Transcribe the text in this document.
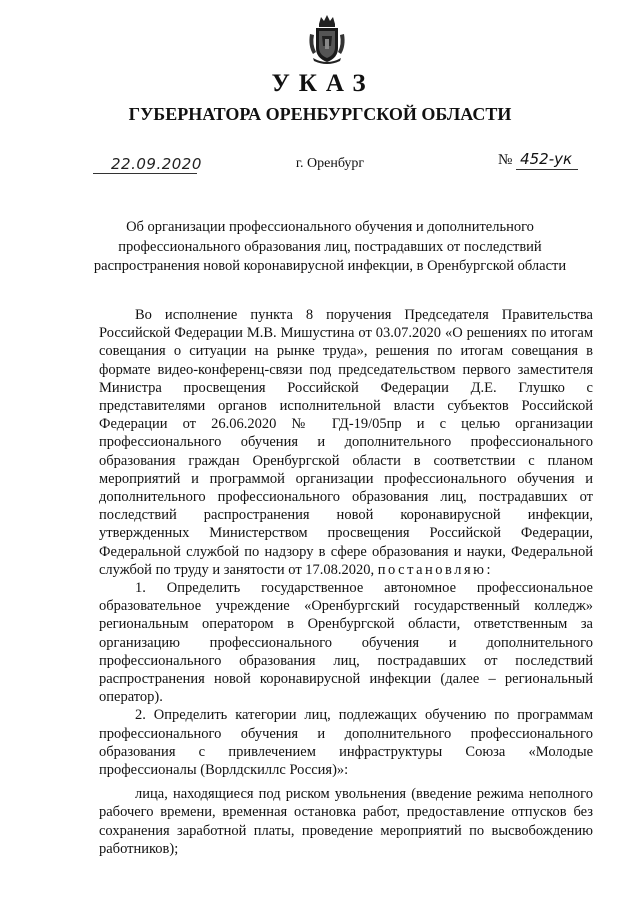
УКАЗ
ГУБЕРНАТОРА ОРЕНБУРГСКОЙ ОБЛАСТИ
22.09.2020	г. Оренбург	№ 452-ук
Об организации профессионального обучения и дополнительного профессионального образования лиц, пострадавших от последствий распространения новой коронавирусной инфекции, в Оренбургской области

Во исполнение пункта 8 поручения Председателя Правительства Российской Федерации М.В. Мишустина от 03.07.2020 «О решениях по итогам совещания о ситуации на рынке труда», решения по итогам совещания в формате видео-конференц-связи под председательством первого заместителя Министра просвещения Российской Федерации Д.Е. Глушко с представителями органов исполнительной власти субъектов Российской Федерации от 26.06.2020 № ГД-19/05пр и с целью организации профессионального обучения и дополнительного профессионального образования граждан Оренбургской области в соответствии с планом мероприятий и программой организации профессионального обучения и дополнительного профессионального образования лиц, пострадавших от последствий распространения новой коронавирусной инфекции, утвержденных Министерством просвещения Российской Федерации, Федеральной службой по надзору в сфере образования и науки, Федеральной службой по труду и занятости от 17.08.2020, постановляю:

1. Определить государственное автономное профессиональное образовательное учреждение «Оренбургский государственный колледж» региональным оператором в Оренбургской области, ответственным за организацию профессионального обучения и дополнительного профессионального образования лиц, пострадавших от последствий распространения новой коронавирусной инфекции (далее – региональный оператор).

2. Определить категории лиц, подлежащих обучению по программам профессионального обучения и дополнительного профессионального образования с привлечением инфраструктуры Союза «Молодые профессионалы (Ворлдскиллс Россия)»:

лица, находящиеся под риском увольнения (введение режима неполного рабочего времени, временная остановка работ, предоставление отпусков без сохранения заработной платы, проведение мероприятий по высвобождению работников);
